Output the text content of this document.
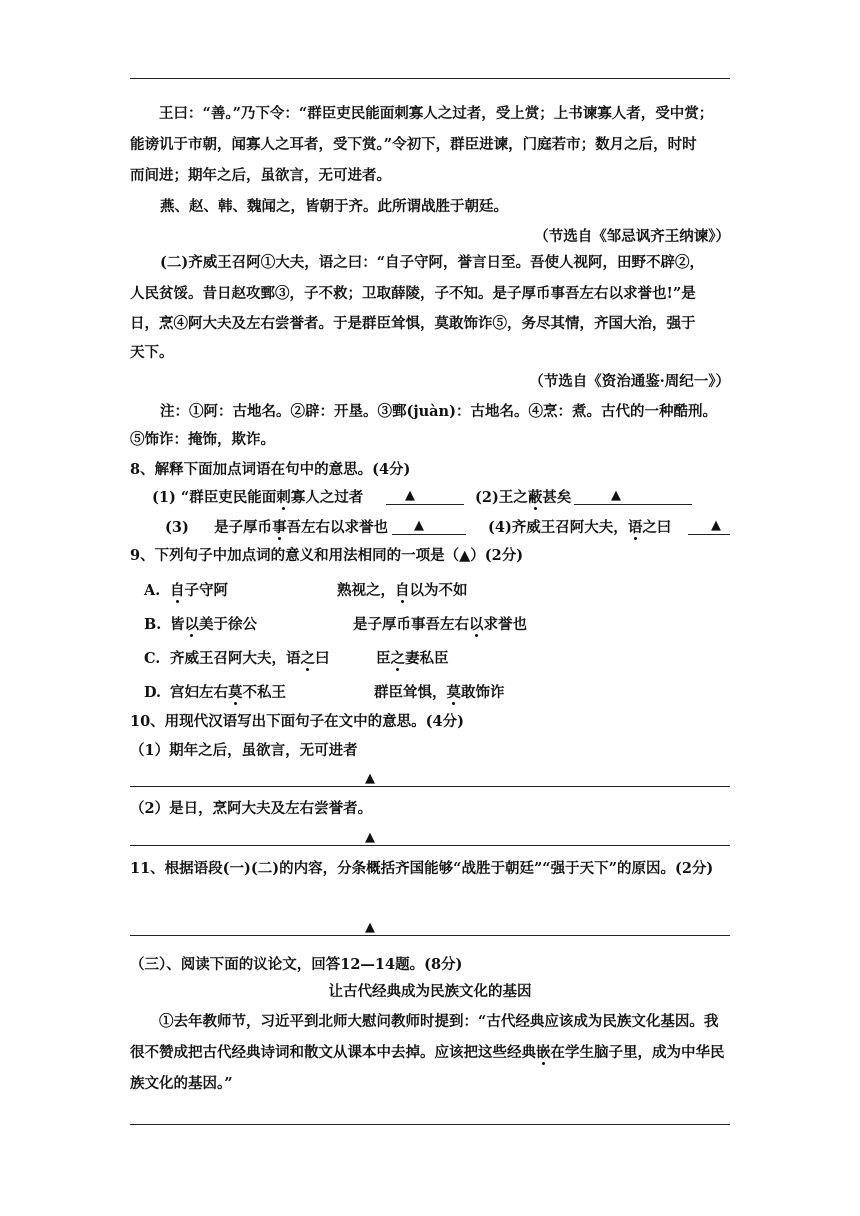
王曰：“善。”乃下令：“群臣吏民能面刺寡人之过者，受上赏；上书谏寡人者，受中赏；
能谤讥于市朝，闻寡人之耳者，受下赏。”令初下，群臣进谏，门庭若市；数月之后，时时
而间进；期年之后，虽欲言，无可进者。
燕、赵、韩、魏闻之，皆朝于齐。此所谓战胜于朝廷。
（节选自《邹忌讽齐王纳谏》）
(二)齐威王召阿①大夫，语之曰：“自子守阿，誉言日至。吾使人视阿，田野不辟②，
人民贫馁。昔日赵攻鄄③，子不救；卫取薛陵，子不知。是子厚币事吾左右以求誉也!”是
日，烹④阿大夫及左右尝誉者。于是群臣耸惧，莫敢饰诈⑤，务尽其情，齐国大治，强于
天下。
（节选自《资治通鉴·周纪一》）
注：①阿：古地名。②辟：开垦。③鄄(juàn)：古地名。④烹：煮。古代的一种酷刑。
⑤饰诈：掩饰，欺诈。
8、解释下面加点词语在句中的意思。(4分)
(1) “群臣吏民能面刺寡人之过者	▲	(2)王之蔽甚矣	▲
(3) 是子厚币事吾左右以求誉也 ▲	(4)齐威王召阿大夫，语之曰	▲
9、下列句子中加点词的意义和用法相同的一项是（▲）(2分)
A. 自子守阿	熟视之，自以为不如
B. 皆以美于徐公	是子厚币事吾左右以求誉也
C. 齐威王召阿大夫，语之曰	臣之妻私臣
D. 宫妇左右莫不私王	群臣耸惧，莫敢饰诈
10、用现代汉语写出下面句子在文中的意思。(4分)
（1）期年之后，虽欲言，无可进者
▲
（2）是日，烹阿大夫及左右尝誉者。
▲
11、根据语段(一)(二)的内容，分条概括齐国能够“战胜于朝廷”“强于天下”的原因。(2分)
▲
（三）、阅读下面的议论文，回答12—14题。(8分)
让古代经典成为民族文化的基因
①去年教师节，习近平到北师大慰问教师时提到：“古代经典应该成为民族文化基因。我很不赞成把古代经典诗词和散文从课本中去掉。应该把这些经典嵌在学生脑子里，成为中华民族文化的基因。”
